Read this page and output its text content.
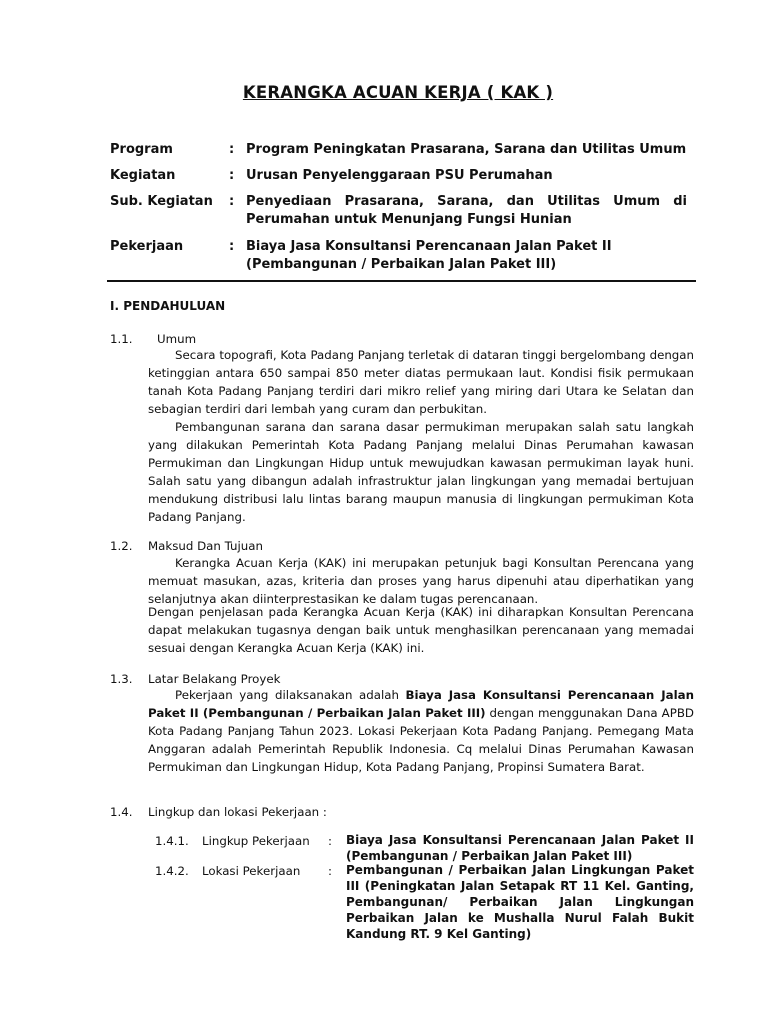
KERANGKA ACUAN KERJA ( KAK )
Program	: Program Peningkatan Prasarana, Sarana dan Utilitas Umum
Kegiatan	: Urusan Penyelenggaraan PSU Perumahan
Sub. Kegiatan : Penyediaan Prasarana, Sarana, dan Utilitas Umum di Perumahan untuk Menunjang Fungsi Hunian
Pekerjaan	: Biaya Jasa Konsultansi Perencanaan Jalan Paket II
(Pembangunan / Perbaikan Jalan Paket III)
I. PENDAHULUAN
1.1. Umum
Secara topografi, Kota Padang Panjang terletak di dataran tinggi bergelombang dengan ketinggian antara 650 sampai 850 meter diatas permukaan laut. Kondisi fisik permukaan tanah Kota Padang Panjang terdiri dari mikro relief yang miring dari Utara ke Selatan dan sebagian terdiri dari lembah yang curam dan perbukitan.
Pembangunan sarana dan sarana dasar permukiman merupakan salah satu langkah yang dilakukan Pemerintah Kota Padang Panjang melalui Dinas Perumahan kawasan Permukiman dan Lingkungan Hidup untuk mewujudkan kawasan permukiman layak huni. Salah satu yang dibangun adalah infrastruktur jalan lingkungan yang memadai bertujuan mendukung distribusi lalu lintas barang maupun manusia di lingkungan permukiman Kota Padang Panjang.
1.2. Maksud Dan Tujuan
Kerangka Acuan Kerja (KAK) ini merupakan petunjuk bagi Konsultan Perencana yang memuat masukan, azas, kriteria dan proses yang harus dipenuhi atau diperhatikan yang selanjutnya akan diinterprestasikan ke dalam tugas perencanaan.
Dengan penjelasan pada Kerangka Acuan Kerja (KAK) ini diharapkan Konsultan Perencana dapat melakukan tugasnya dengan baik untuk menghasilkan perencanaan yang memadai sesuai dengan Kerangka Acuan Kerja (KAK) ini.
1.3. Latar Belakang Proyek
Pekerjaan yang dilaksanakan adalah Biaya Jasa Konsultansi Perencanaan Jalan Paket II (Pembangunan / Perbaikan Jalan Paket III) dengan menggunakan Dana APBD Kota Padang Panjang Tahun 2023. Lokasi Pekerjaan Kota Padang Panjang. Pemegang Mata Anggaran adalah Pemerintah Republik Indonesia. Cq melalui Dinas Perumahan Kawasan Permukiman dan Lingkungan Hidup, Kota Padang Panjang, Propinsi Sumatera Barat.
1.4. Lingkup dan lokasi Pekerjaan :
1.4.1. Lingkup Pekerjaan : Biaya Jasa Konsultansi Perencanaan Jalan Paket II (Pembangunan / Perbaikan Jalan Paket III)
1.4.2. Lokasi Pekerjaan : Pembangunan / Perbaikan Jalan Lingkungan Paket III (Peningkatan Jalan Setapak RT 11 Kel. Ganting, Pembangunan/ Perbaikan Jalan Lingkungan Perbaikan Jalan ke Mushalla Nurul Falah Bukit Kandung RT. 9 Kel Ganting)
